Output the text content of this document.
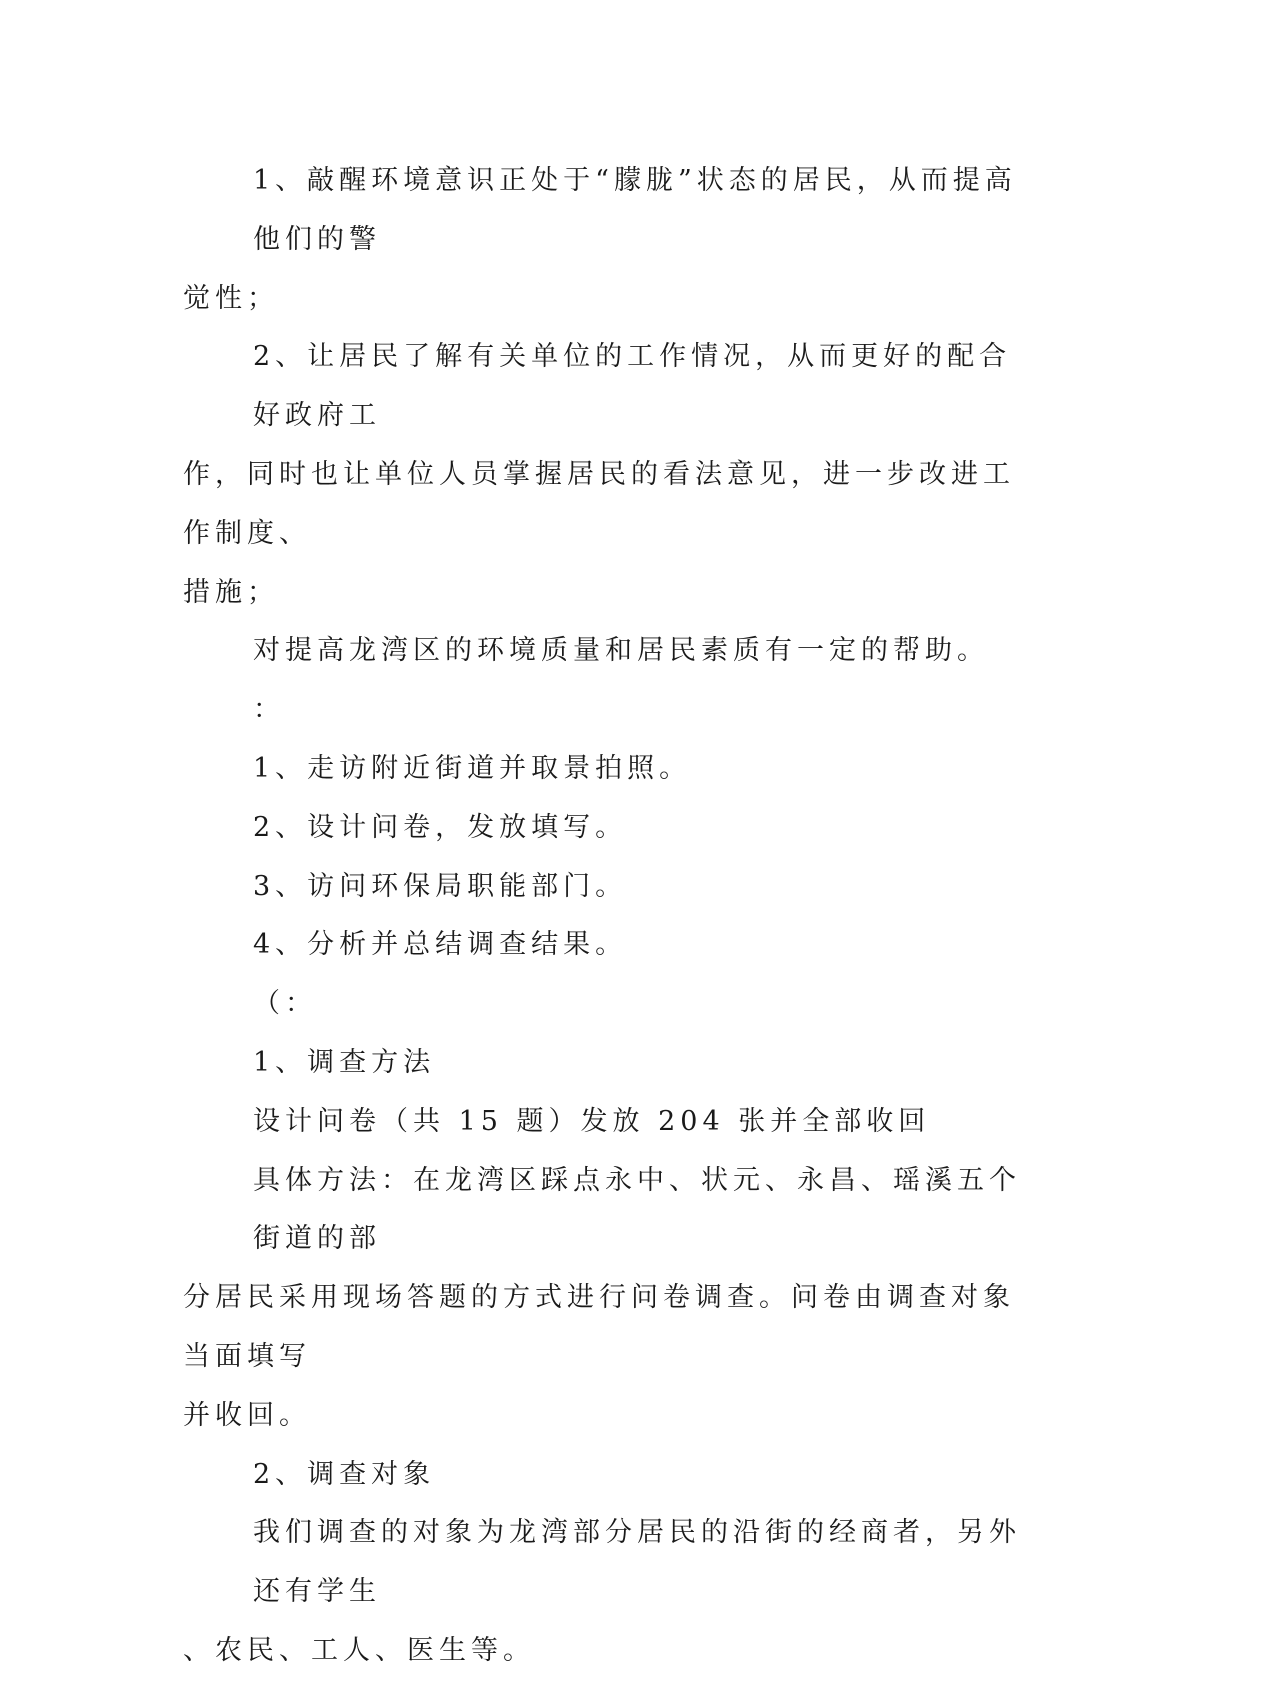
1、敲醒环境意识正处于“朦胧”状态的居民，从而提高他们的警
觉性；

2、让居民了解有关单位的工作情况，从而更好的配合好政府工
作，同时也让单位人员掌握居民的看法意见，进一步改进工作制度、
措施；

对提高龙湾区的环境质量和居民素质有一定的帮助。

：

1、走访附近街道并取景拍照。

2、设计问卷，发放填写。

3、访问环保局职能部门。

4、分析并总结调查结果。

（：

1、调查方法

设计问卷（共 15 题）发放 204 张并全部收回

具体方法：在龙湾区踩点永中、状元、永昌、瑶溪五个街道的部
分居民采用现场答题的方式进行问卷调查。问卷由调查对象当面填写
并收回。

2、调查对象

我们调查的对象为龙湾部分居民的沿街的经商者，另外还有学生
、农民、工人、医生等。
